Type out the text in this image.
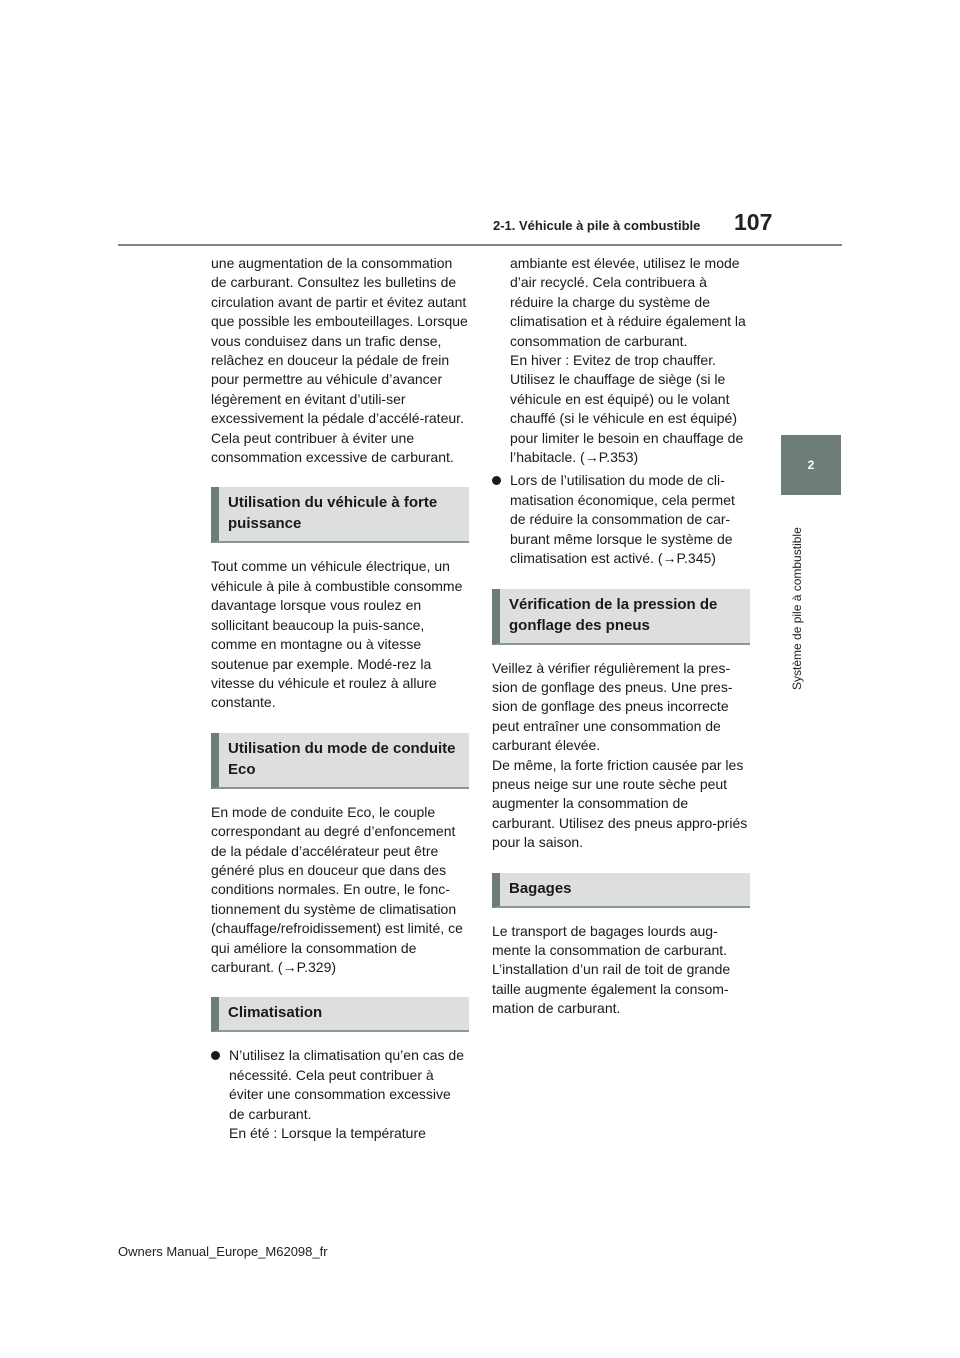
2-1. Véhicule à pile à combustible 107
2
Système de pile à combustible

une augmentation de la consommation de carburant. Consultez les bulletins de circulation avant de partir et évitez autant que possible les embouteillages. Lorsque vous conduisez dans un trafic dense, relâchez en douceur la pédale de frein pour permettre au véhicule d’avancer légèrement en évitant d’utili-ser excessivement la pédale d’accélé-rateur. Cela peut contribuer à éviter une consommation excessive de carburant.

Utilisation du véhicule à forte puissance

Tout comme un véhicule électrique, un véhicule à pile à combustible consomme davantage lorsque vous roulez en sollicitant beaucoup la puis-sance, comme en montagne ou à vitesse soutenue par exemple. Modé-rez la vitesse du véhicule et roulez à allure constante.

Utilisation du mode de conduite Eco

En mode de conduite Eco, le couple correspondant au degré d’enfoncement de la pédale d’accélérateur peut être généré plus en douceur que dans des conditions normales. En outre, le fonc-tionnement du système de climatisation (chauffage/refroidissement) est limité, ce qui améliore la consommation de carburant. (→P.329)

Climatisation
N’utilisez la climatisation qu’en cas de nécessité. Cela peut contribuer à éviter une consommation excessive de carburant.
En été : Lorsque la température
ambiante est élevée, utilisez le mode d’air recyclé. Cela contribuera à réduire la charge du système de climatisation et à réduire également la consommation de carburant.
En hiver : Evitez de trop chauffer. Utilisez le chauffage de siège (si le véhicule en est équipé) ou le volant chauffé (si le véhicule en est équipé) pour limiter le besoin en chauffage de l’habitacle. (→P.353)
Lors de l’utilisation du mode de cli-matisation économique, cela permet de réduire la consommation de car-burant même lorsque le système de climatisation est activé. (→P.345)
Vérification de la pression de gonflage des pneus

Veillez à vérifier régulièrement la pres-sion de gonflage des pneus. Une pres-sion de gonflage des pneus incorrecte peut entraîner une consommation de carburant élevée.
De même, la forte friction causée par les pneus neige sur une route sèche peut augmenter la consommation de carburant. Utilisez des pneus appro-priés pour la saison.

Bagages

Le transport de bagages lourds aug-mente la consommation de carburant. L’installation d’un rail de toit de grande taille augmente également la consom-mation de carburant.

Owners Manual_Europe_M62098_fr
